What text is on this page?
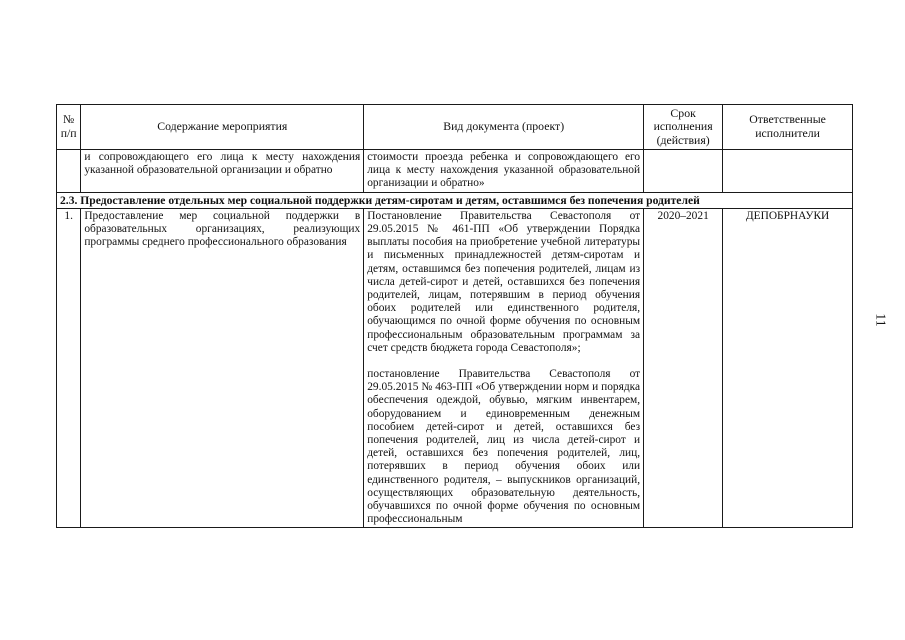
№ п/п	Содержание мероприятия	Вид документа (проект)	Срок исполнения (действия)	Ответственные исполнители
	и сопровождающего его лица к месту нахождения указанной образовательной организации и обратно	стоимости проезда ребенка и сопровождающего его лица к месту нахождения указанной образовательной организации и обратно»		
2.3. Предоставление отдельных мер социальной поддержки детям-сиротам и детям, оставшимся без попечения родителей				
1.	Предоставление мер социальной поддержки в образовательных организациях, реализующих программы среднего профессионального образования	Постановление Правительства Севастополя от 29.05.2015 № 461-ПП «Об утверждении Порядка выплаты пособия на приобретение учебной литературы и письменных принадлежностей детям-сиротам и детям, оставшимся без попечения родителей, лицам из числа детей-сирот и детей, оставшихся без попечения родителей, лицам, потерявшим в период обучения обоих родителей или единственного родителя, обучающимся по очной форме обучения по основным профессиональным образовательным программам за счет средств бюджета города Севастополя»;
постановление Правительства Севастополя от 29.05.2015 № 463-ПП «Об утверждении норм и порядка обеспечения одеждой, обувью, мягким инвентарем, оборудованием и единовременным денежным пособием детей-сирот и детей, оставшихся без попечения родителей, лиц из числа детей-сирот и детей, оставшихся без попечения родителей, лиц, потерявших в период обучения обоих или единственного родителя, – выпускников организаций, осуществляющих образовательную деятельность, обучавшихся по очной форме обучения по основным профессиональным	2020–2021	ДЕПОБРНАУКИ
11
